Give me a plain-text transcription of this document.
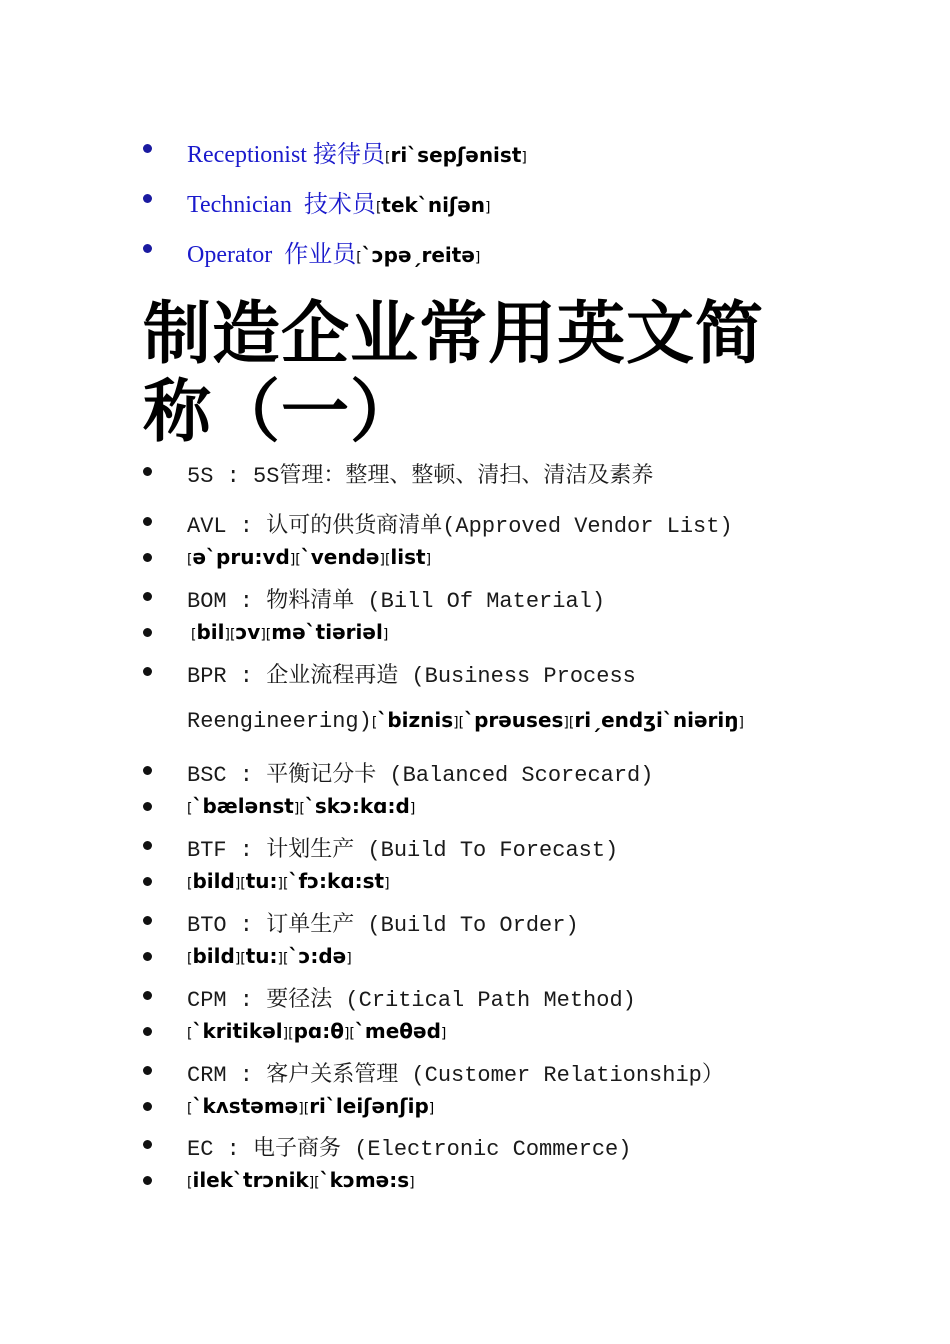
Receptionist 接待员[ri`sepʃənist]
Technician 技术员[tek`niʃən]
Operator 作业员[`ɔpəˏreitə]
制造企业常用英文简称（一）
5S : 5S管理：整理、整顿、清扫、清洁及素养
AVL : 认可的供货商清单(Approved Vendor List)
[ə`pru:vd][`vendə][list]
BOM : 物料清单 (Bill Of Material)
[bil][ɔv][mə`tiəriəl]
BPR : 企业流程再造 (Business Process
Reengineering)[`biznis][`prəuses][riˏendʒi`niəriŋ]
BSC : 平衡记分卡 (Balanced Scorecard)
[`bælənst][`skɔ:kɑ:d]
BTF : 计划生产 (Build To Forecast)
[bild][tu:][`fɔ:kɑ:st]
BTO : 订单生产 (Build To Order)
[bild][tu:][`ɔ:də]
CPM : 要径法 (Critical Path Method)
[`kritikəl][pɑ:θ][`meθəd]
CRM : 客户关系管理 (Customer Relationship）
[`kʌstəmə][ri`leiʃənʃip]
EC : 电子商务 (Electronic Commerce)
[ilek`trɔnik][`kɔmə:s]
